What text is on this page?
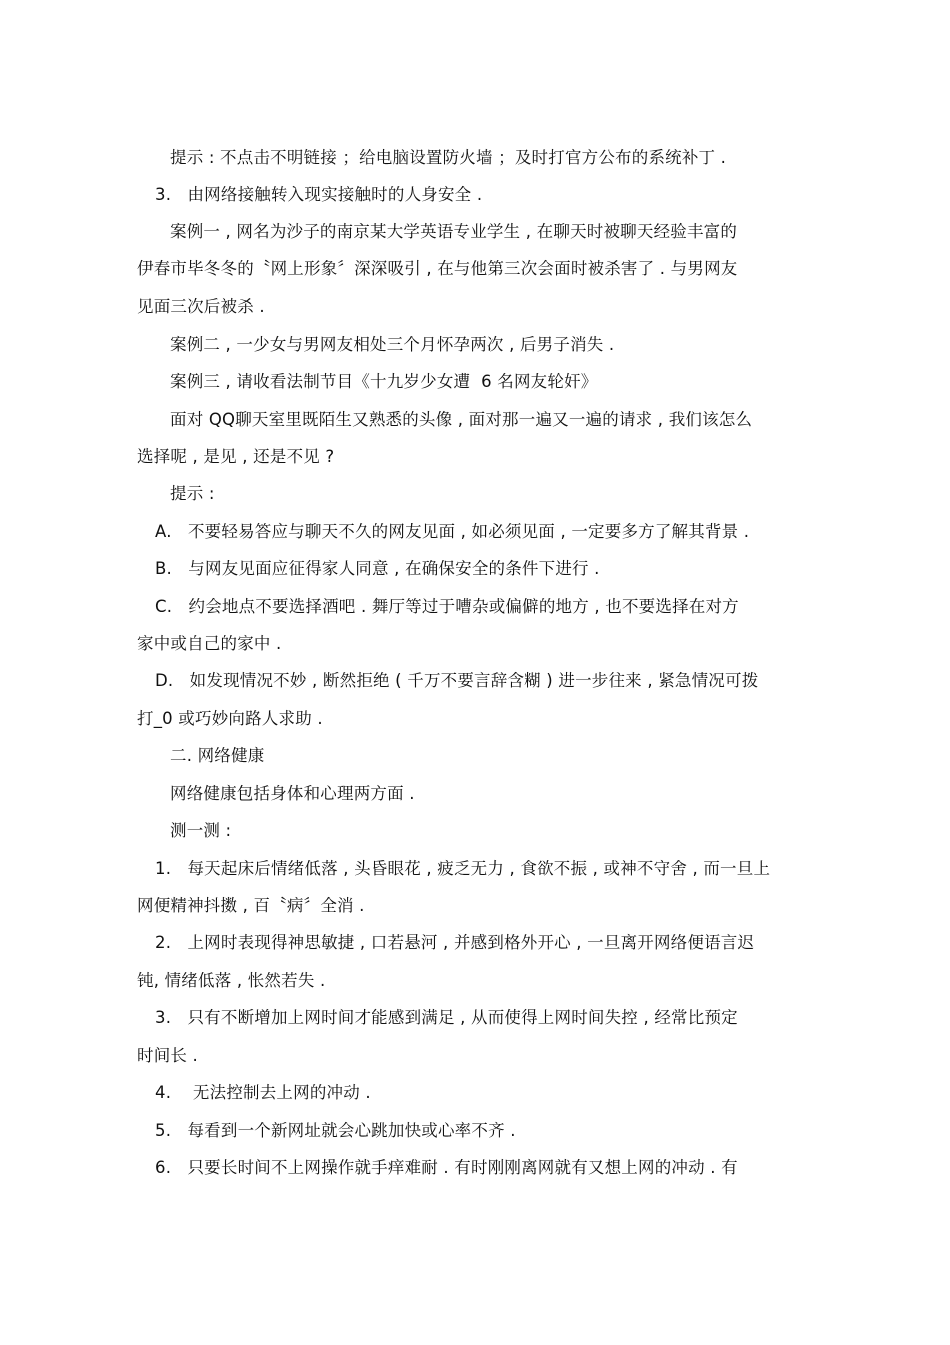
提示 : 不点击不明链接 ；给电脑设置防火墙 ；及时打官方公布的系统补丁 .

3.   由网络接触转入现实接触时的人身安全 .

案例一 , 网名为沙子的南京某大学英语专业学生 , 在聊天时被聊天经验丰富的

伊春市毕冬冬的〝网上形象〞深深吸引 , 在与他第三次会面时被杀害了 . 与男网友

见面三次后被杀 .

案例二 , 一少女与男网友相处三个月怀孕两次 , 后男子消失 .

案例三 , 请收看法制节目《十九岁少女遭  6 名网友轮奸》

面对 QQ聊天室里既陌生又熟悉的头像 , 面对那一遍又一遍的请求 , 我们该怎么

选择呢 , 是见 , 还是不见 ?

提示 :

A.   不要轻易答应与聊天不久的网友见面 , 如必须见面 , 一定要多方了解其背景 .

B.   与网友见面应征得家人同意 , 在确保安全的条件下进行 .

C.   约会地点不要选择酒吧 . 舞厅等过于嘈杂或偏僻的地方 , 也不要选择在对方

家中或自己的家中 .

D.   如发现情况不妙 , 断然拒绝 ( 千万不要言辞含糊 ) 进一步往来 , 紧急情况可拨

打_0 或巧妙向路人求助 .

二. 网络健康

网络健康包括身体和心理两方面 .

测一测 :

1.   每天起床后情绪低落 , 头昏眼花 , 疲乏无力 , 食欲不振 , 或神不守舍 , 而一旦上

网便精神抖擞 , 百〝病〞全消 .

2.   上网时表现得神思敏捷 , 口若悬河 , 并感到格外开心 , 一旦离开网络便语言迟

钝, 情绪低落 , 怅然若失 .

3.   只有不断增加上网时间才能感到满足 , 从而使得上网时间失控 , 经常比预定

时间长 .

4.    无法控制去上网的冲动 .

5.   每看到一个新网址就会心跳加快或心率不齐 .

6.   只要长时间不上网操作就手痒难耐 . 有时刚刚离网就有又想上网的冲动 . 有
